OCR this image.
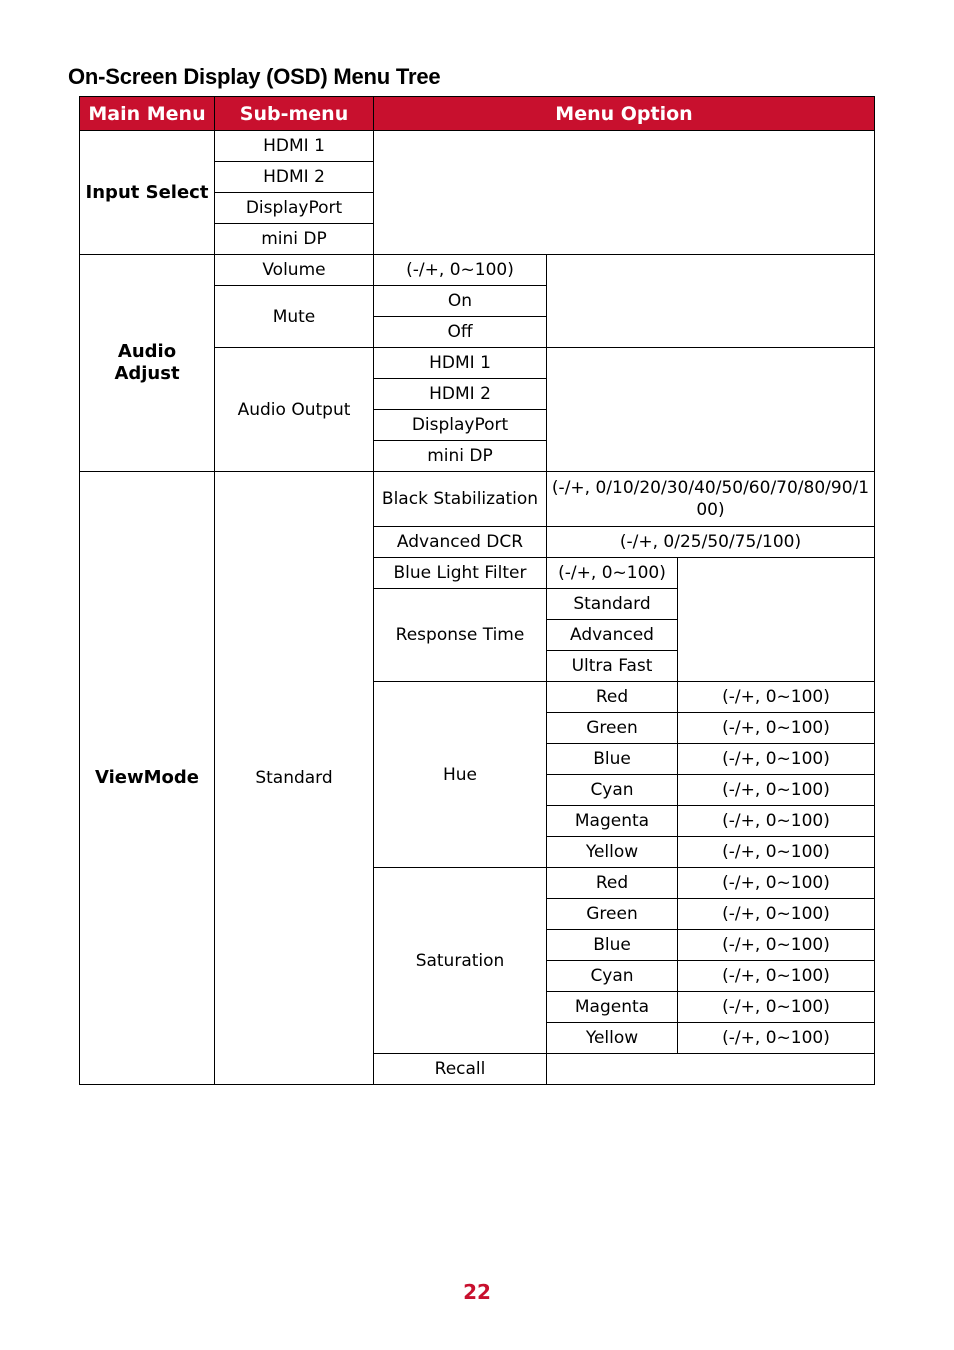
On-Screen Display (OSD) Menu Tree
Main Menu	Sub-menu	Menu Option		
Input Select	HDMI 1			
	HDMI 2			
	DisplayPort			
	mini DP			
Audio Adjust	Volume	(-/+, 0~100)		
	Mute	On		
		Off		
	Audio Output	HDMI 1		
		HDMI 2		
		DisplayPort		
		mini DP		
ViewMode	Standard	Black Stabilization	(-/+, 0/10/20/30/40/50/60/70/80/90/100)	
		Advanced DCR	(-/+, 0/25/50/75/100)	
		Blue Light Filter	(-/+, 0~100)	
		Response Time	Standard	
			Advanced	
			Ultra Fast	
		Hue	Red	(-/+, 0~100)
			Green	(-/+, 0~100)
			Blue	(-/+, 0~100)
			Cyan	(-/+, 0~100)
			Magenta	(-/+, 0~100)
			Yellow	(-/+, 0~100)
		Saturation	Red	(-/+, 0~100)
			Green	(-/+, 0~100)
			Blue	(-/+, 0~100)
			Cyan	(-/+, 0~100)
			Magenta	(-/+, 0~100)
			Yellow	(-/+, 0~100)
		Recall		
22
